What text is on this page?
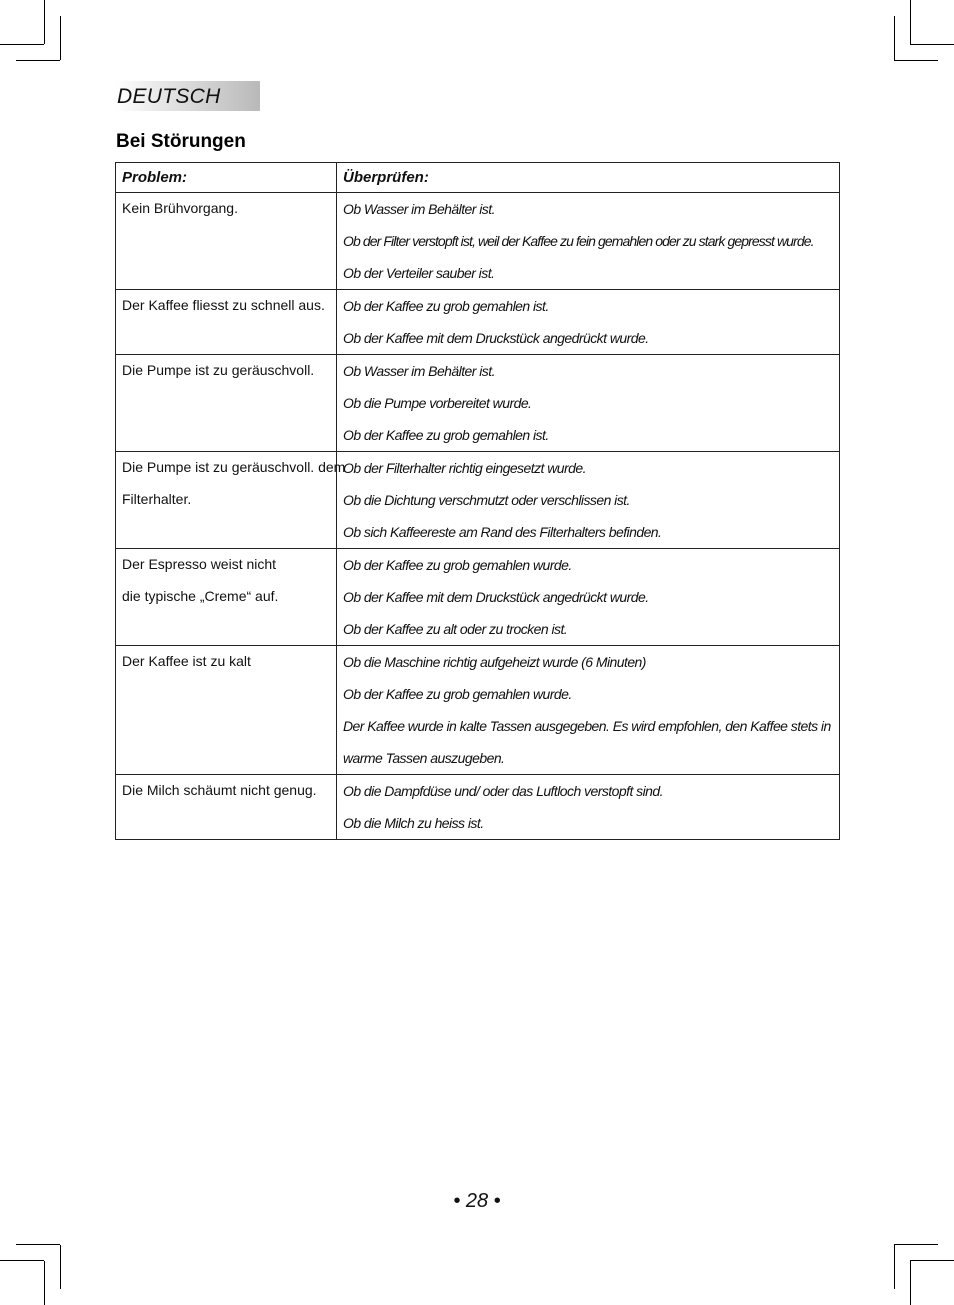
DEUTSCH
Bei Störungen
Problem:	Überprüfen:

Kein Brühvorgang.	Ob Wasser im Behälter ist.
Ob der Filter verstopft ist, weil der Kaffee zu fein gemahlen oder zu stark gepresst wurde.
Ob der Verteiler sauber ist.

Der Kaffee fliesst zu schnell aus.	Ob der Kaffee zu grob gemahlen ist.
Ob der Kaffee mit dem Druckstück angedrückt wurde.

Die Pumpe ist zu geräuschvoll.	Ob Wasser im Behälter ist.
Ob die Pumpe vorbereitet wurde.
Ob der Kaffee zu grob gemahlen ist.

Die Pumpe ist zu geräuschvoll. dem
Filterhalter.	Ob der Filterhalter richtig eingesetzt wurde.
Ob die Dichtung verschmutzt oder verschlissen ist.
Ob sich Kaffeereste am Rand des Filterhalters befinden.

Der Espresso weist nicht
die typische „Creme“ auf.	Ob der Kaffee zu grob gemahlen wurde.
Ob der Kaffee mit dem Druckstück angedrückt wurde.
Ob der Kaffee zu alt oder zu trocken ist.

Der Kaffee ist zu kalt	Ob die Maschine richtig aufgeheizt wurde (6 Minuten)
Ob der Kaffee zu grob gemahlen wurde.
Der Kaffee wurde in kalte Tassen ausgegeben. Es wird empfohlen, den Kaffee stets in warme Tassen auszugeben.

Die Milch schäumt nicht genug.	Ob die Dampfdüse und/ oder das Luftloch verstopft sind.
Ob die Milch zu heiss ist.
• 28 •
